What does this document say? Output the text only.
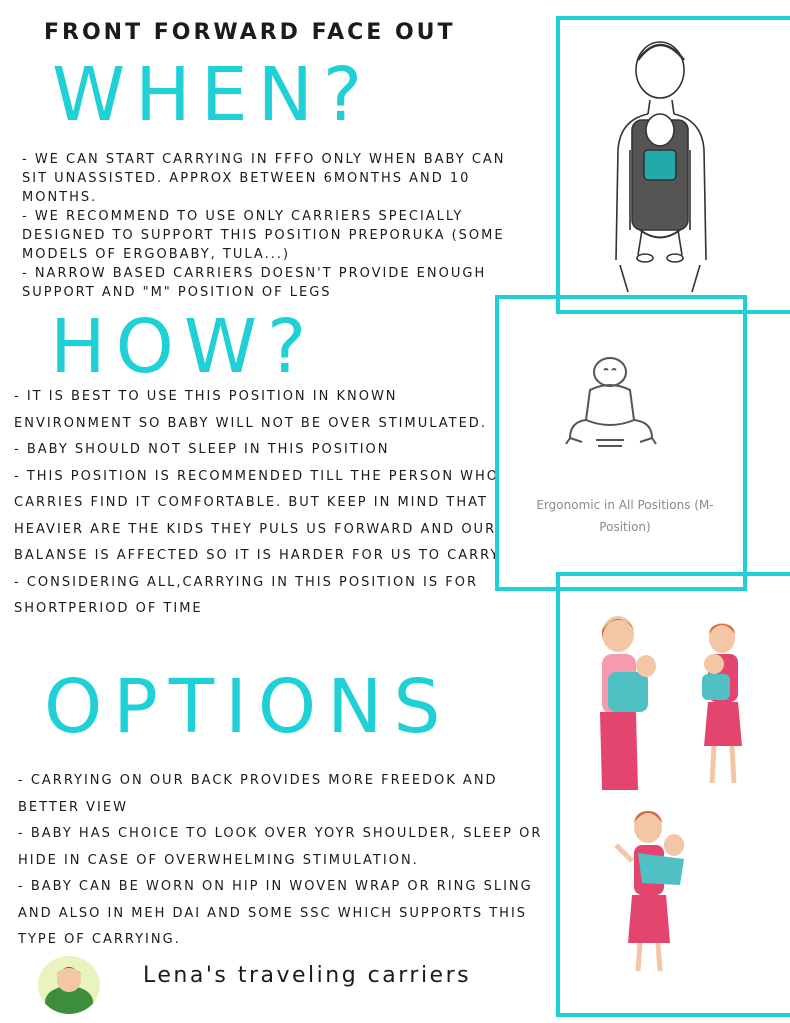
FRONT FORWARD FACE OUT
WHEN?

- WE CAN START CARRYING IN FFFO ONLY WHEN BABY CAN SIT UNASSISTED. APPROX BETWEEN 6MONTHS AND 10 MONTHS.
- WE RECOMMEND TO USE ONLY CARRIERS SPECIALLY DESIGNED TO SUPPORT THIS POSITION PREPORUKA (SOME MODELS OF ERGOBABY, TULA...)
- NARROW BASED CARRIERS DOESN'T PROVIDE ENOUGH SUPPORT AND "M" POSITION OF LEGS

HOW?

- IT IS BEST TO USE THIS POSITION IN KNOWN ENVIRONMENT SO BABY WILL NOT BE OVER STIMULATED.
- BABY SHOULD NOT SLEEP IN THIS POSITION
- THIS POSITION IS RECOMMENDED TILL THE PERSON WHO CARRIES FIND IT COMFORTABLE. BUT KEEP IN MIND THAT HEAVIER ARE THE KIDS THEY PULS US FORWARD AND OUR BALANSE IS AFFECTED SO IT IS HARDER FOR US TO CARRY
- CONSIDERING ALL,CARRYING IN THIS POSITION IS FOR SHORTPERIOD OF TIME

OPTIONS

- CARRYING ON OUR BACK PROVIDES MORE FREEDOK AND BETTER VIEW
- BABY HAS CHOICE TO LOOK OVER YOYR SHOULDER, SLEEP OR HIDE IN CASE OF OVERWHELMING STIMULATION.
- BABY CAN BE WORN ON HIP IN WOVEN WRAP OR RING SLING AND ALSO IN MEH DAI AND SOME SSC WHICH SUPPORTS THIS TYPE OF CARRYING.

Ergonomic in All Positions (M-Position)
Lena's traveling carriers
